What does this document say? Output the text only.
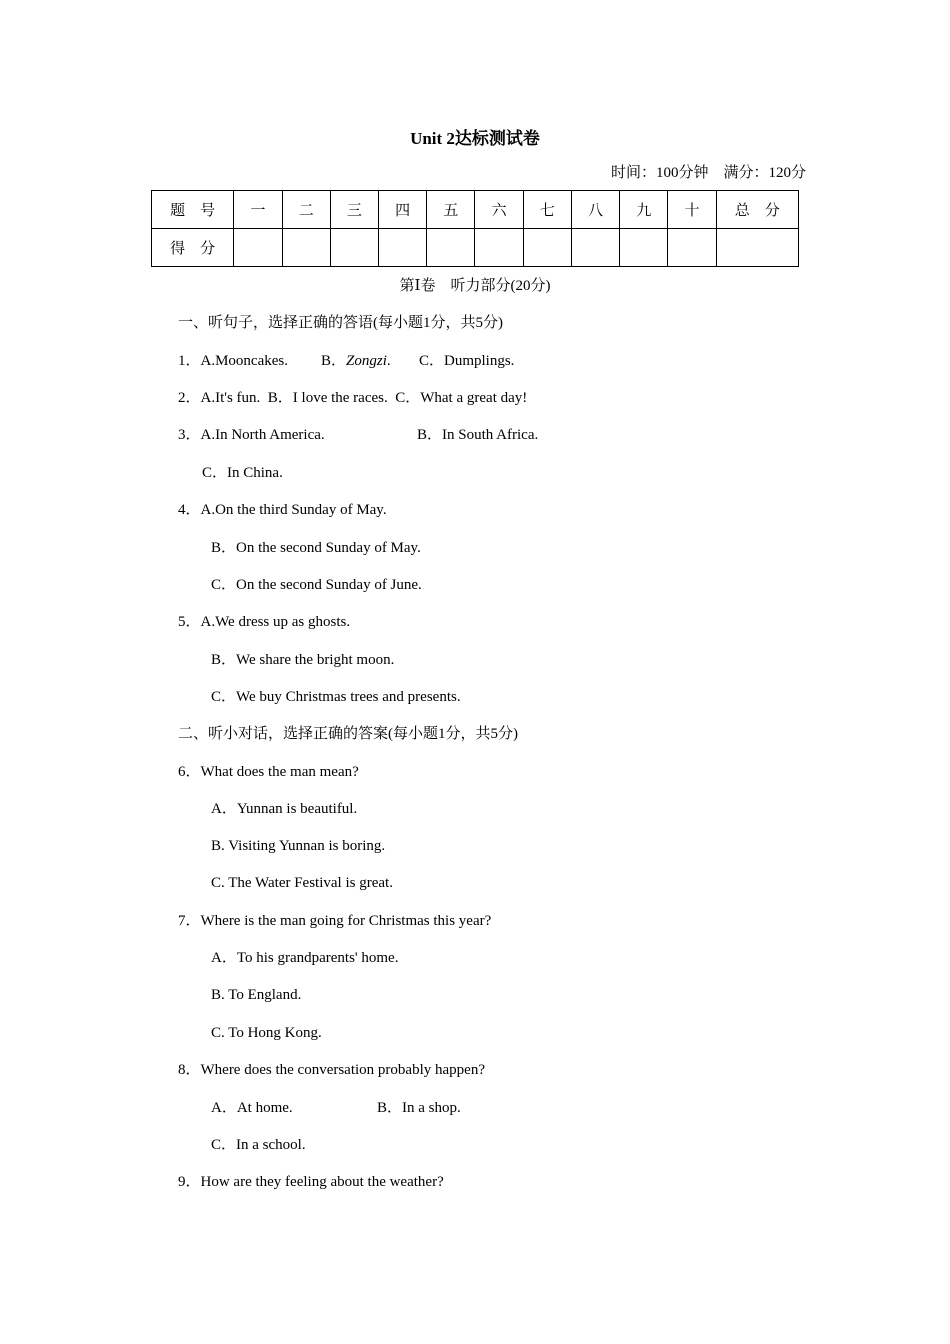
Unit 2达标测试卷
时间：100分钟　满分：120分
题　号	一	二	三	四	五	六	七	八	九	十	总　分
得　分											
第Ⅰ卷　听力部分(20分)
一、听句子，选择正确的答语(每小题1分，共5分)
1．A.Mooncakes. B．Zongzi. C．Dumplings.
2．A.It's fun.  B．I love the races.  C．What a great day!
3．A.In North America.	B．In South Africa.
C．In China.
4．A.On the third Sunday of May.
B．On the second Sunday of May.
C．On the second Sunday of June.
5．A.We dress up as ghosts.
B．We share the bright moon.
C．We buy Christmas trees and presents.
二、听小对话，选择正确的答案(每小题1分，共5分)
6．What does the man mean?
A．Yunnan is beautiful.
B. Visiting Yunnan is boring.
C. The Water Festival is great.
7．Where is the man going for Christmas this year?
A．To his grandparents' home.
B. To England.
C. To Hong Kong.
8．Where does the conversation probably happen?
A．At home.	B．In a shop.
C．In a school.
9．How are they feeling about the weather?
